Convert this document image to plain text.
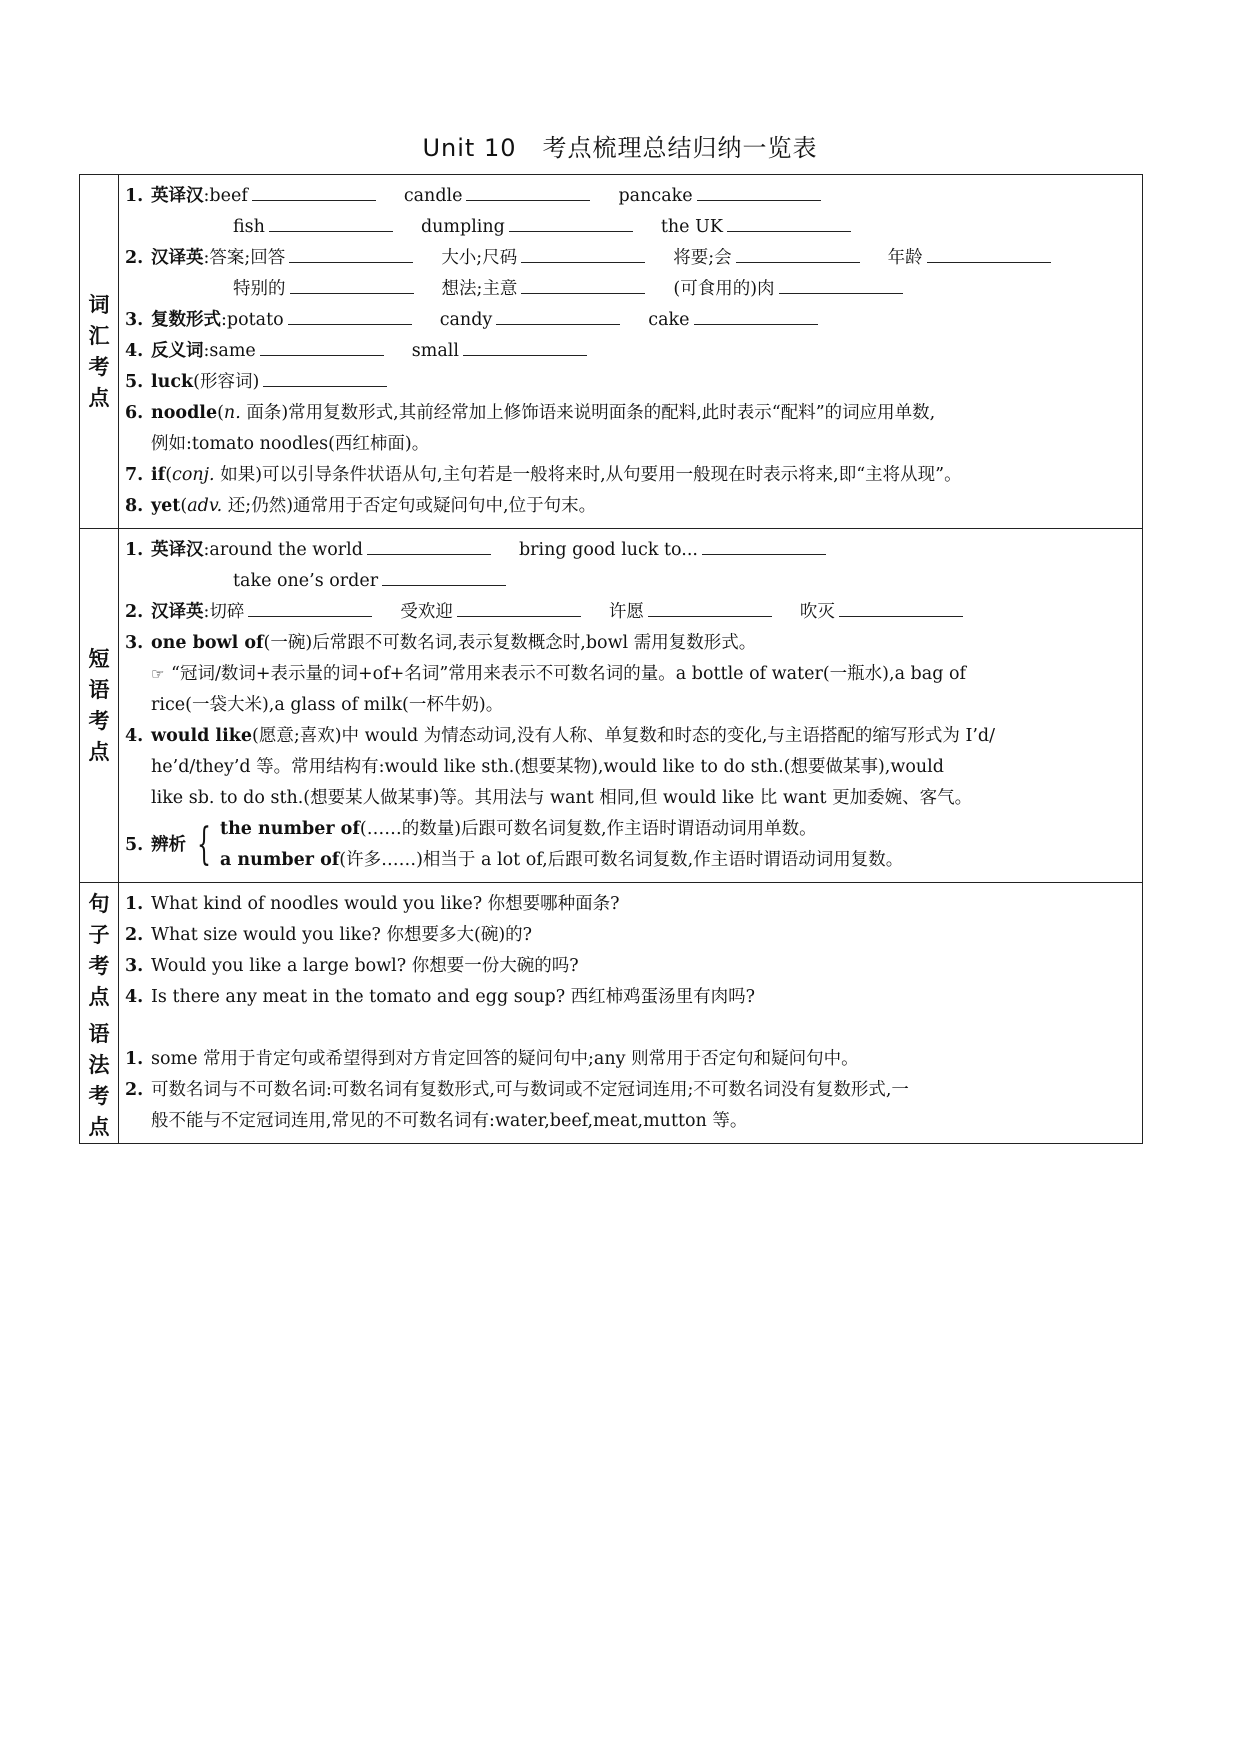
Unit 10 考点梳理总结归纳一览表
词
汇
考
点
1. 英译汉:beef	candle	pancake
fish	dumpling	the UK
2. 汉译英:答案;回答	大小;尺码	将要;会	年龄
特别的	想法;主意	(可食用的)肉
3. 复数形式:potato	candy	cake
4. 反义词:same	small
5. luck(形容词)
6. noodle(n. 面条)常用复数形式,其前经常加上修饰语来说明面条的配料,此时表示“配料”的词应用单数,
例如:tomato noodles(西红柿面)。
7. if(conj. 如果)可以引导条件状语从句,主句若是一般将来时,从句要用一般现在时表示将来,即“主将从现”。
8. yet(adv. 还;仍然)通常用于否定句或疑问句中,位于句末。
短
语
考
点
1. 英译汉:around the world	bring good luck to...
take one’s order
2. 汉译英:切碎	受欢迎	许愿	吹灭
3. one bowl of(一碗)后常跟不可数名词,表示复数概念时,bowl 需用复数形式。
☞ “冠词/数词+表示量的词+of+名词”常用来表示不可数名词的量。a bottle of water(一瓶水),a bag of
rice(一袋大米),a glass of milk(一杯牛奶)。
4. would like(愿意;喜欢)中 would 为情态动词,没有人称、单复数和时态的变化,与主语搭配的缩写形式为 I’d/
he’d/they’d 等。常用结构有:would like sth.(想要某物),would like to do sth.(想要做某事),would
like sb. to do sth.(想要某人做某事)等。其用法与 want 相同,但 would like 比 want 更加委婉、客气。
5. 辨析 { the number of(……的数量)后跟可数名词复数,作主语时谓语动词用单数。
a number of(许多……)相当于 a lot of,后跟可数名词复数,作主语时谓语动词用复数。
句
子
考
点
语
法
考
点
1. What kind of noodles would you like? 你想要哪种面条?
2. What size would you like? 你想要多大(碗)的?
3. Would you like a large bowl? 你想要一份大碗的吗?
4. Is there any meat in the tomato and egg soup? 西红柿鸡蛋汤里有肉吗?
1. some 常用于肯定句或希望得到对方肯定回答的疑问句中;any 则常用于否定句和疑问句中。
2. 可数名词与不可数名词:可数名词有复数形式,可与数词或不定冠词连用;不可数名词没有复数形式,一
般不能与不定冠词连用,常见的不可数名词有:water,beef,meat,mutton 等。
